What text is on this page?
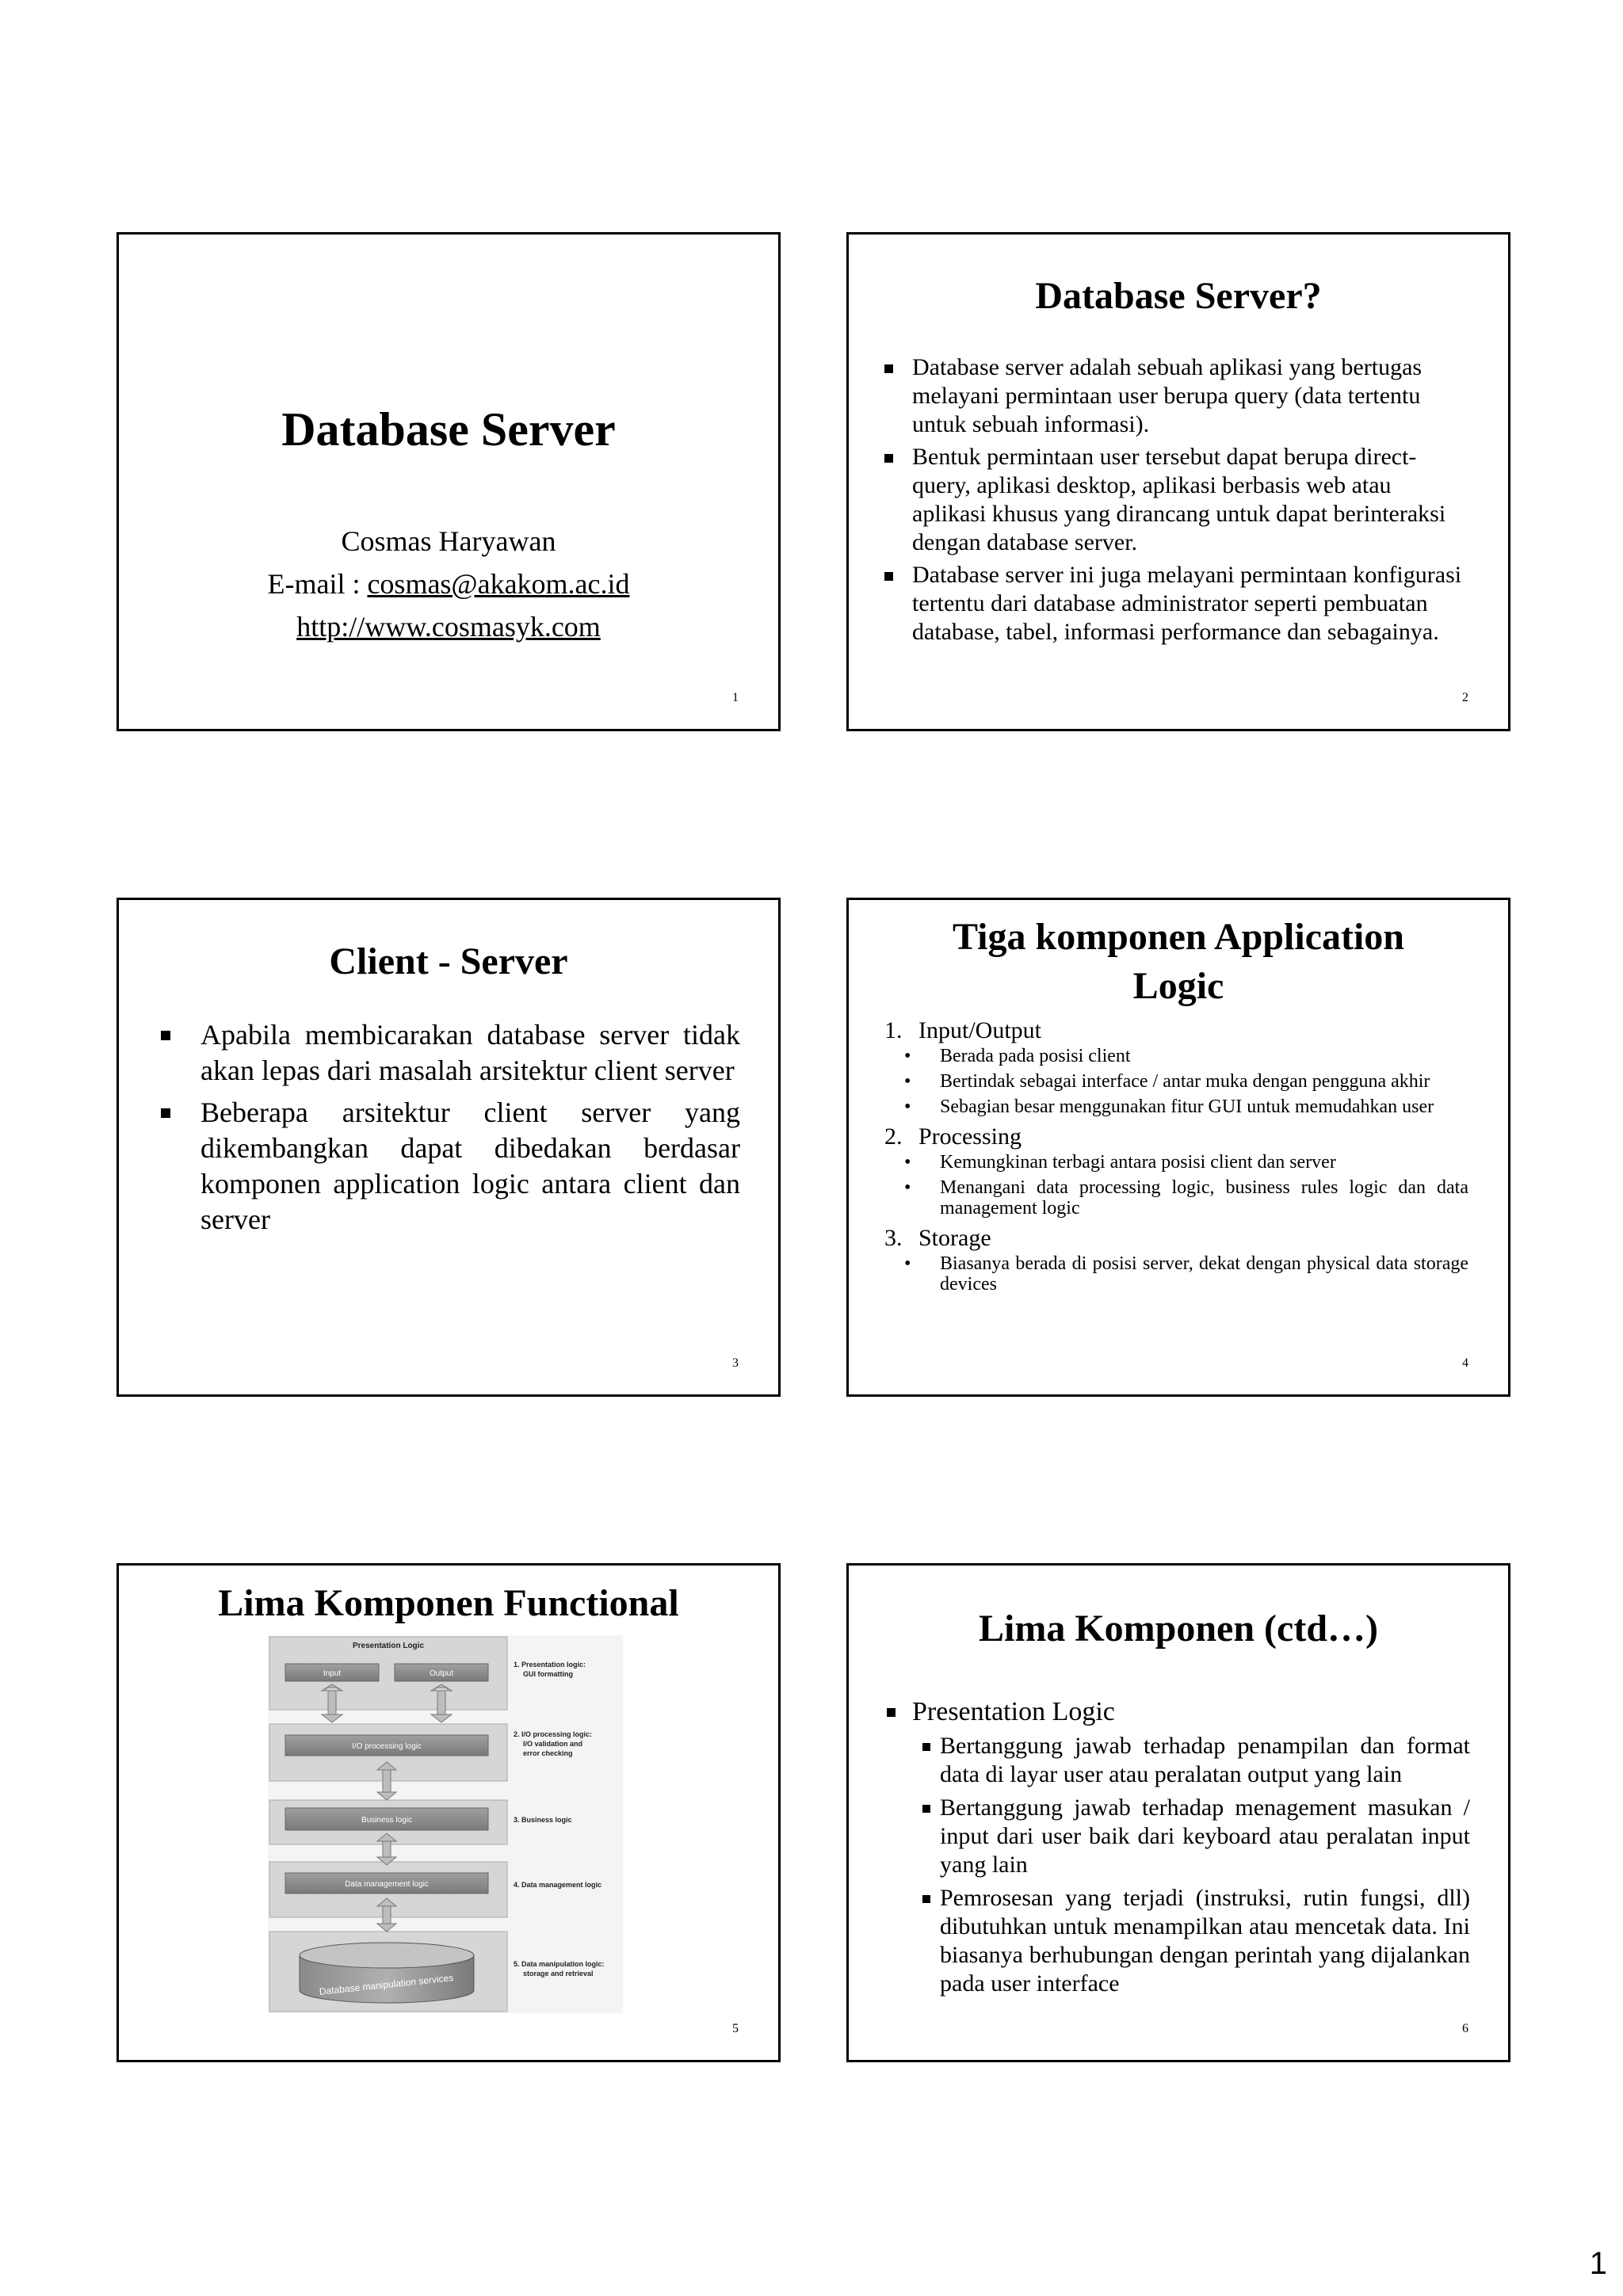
Database Server
Cosmas Haryawan
E-mail : cosmas@akakom.ac.id
http://www.cosmasyk.com
1
Database Server?
Database server adalah sebuah aplikasi yang bertugas melayani permintaan user berupa query (data tertentu untuk sebuah informasi).
Bentuk permintaan user tersebut dapat berupa direct-query, aplikasi desktop, aplikasi berbasis web atau aplikasi khusus yang dirancang untuk dapat berinteraksi dengan database server.
Database server ini juga melayani permintaan konfigurasi tertentu dari database administrator seperti pembuatan database, tabel, informasi performance dan sebagainya.
2
Client - Server
Apabila membicarakan database server tidak akan lepas dari masalah arsitektur client server
Beberapa arsitektur client server yang dikembangkan dapat dibedakan berdasar komponen application logic antara client dan server
3
Tiga komponen Application
Logic
1. Input/Output
• Berada pada posisi client
• Bertindak sebagai interface / antar muka dengan pengguna akhir
• Sebagian besar menggunakan fitur GUI untuk memudahkan user
2. Processing
• Kemungkinan terbagi antara posisi client dan server
• Menangani data processing logic, business rules logic dan data management logic
3. Storage
• Biasanya berada di posisi server, dekat dengan physical data storage devices
4
Lima Komponen Functional
Presentation Logic
Input	Output
I/O processing logic
Business logic
Data management logic
Database manipulation services
1. Presentation logic:
GUI formatting
2. I/O processing logic:
I/O validation and
error checking
3. Business logic
4. Data management logic
5. Data manipulation logic:
storage and retrieval
5
Lima Komponen (ctd…)
Presentation Logic
Bertanggung jawab terhadap penampilan dan format data di layar user atau peralatan output yang lain
Bertanggung jawab terhadap menagement masukan / input dari user baik dari keyboard atau peralatan input yang lain
Pemrosesan yang terjadi (instruksi, rutin fungsi, dll) dibutuhkan untuk menampilkan atau mencetak data. Ini biasanya berhubungan dengan perintah yang dijalankan pada user interface
6
1
